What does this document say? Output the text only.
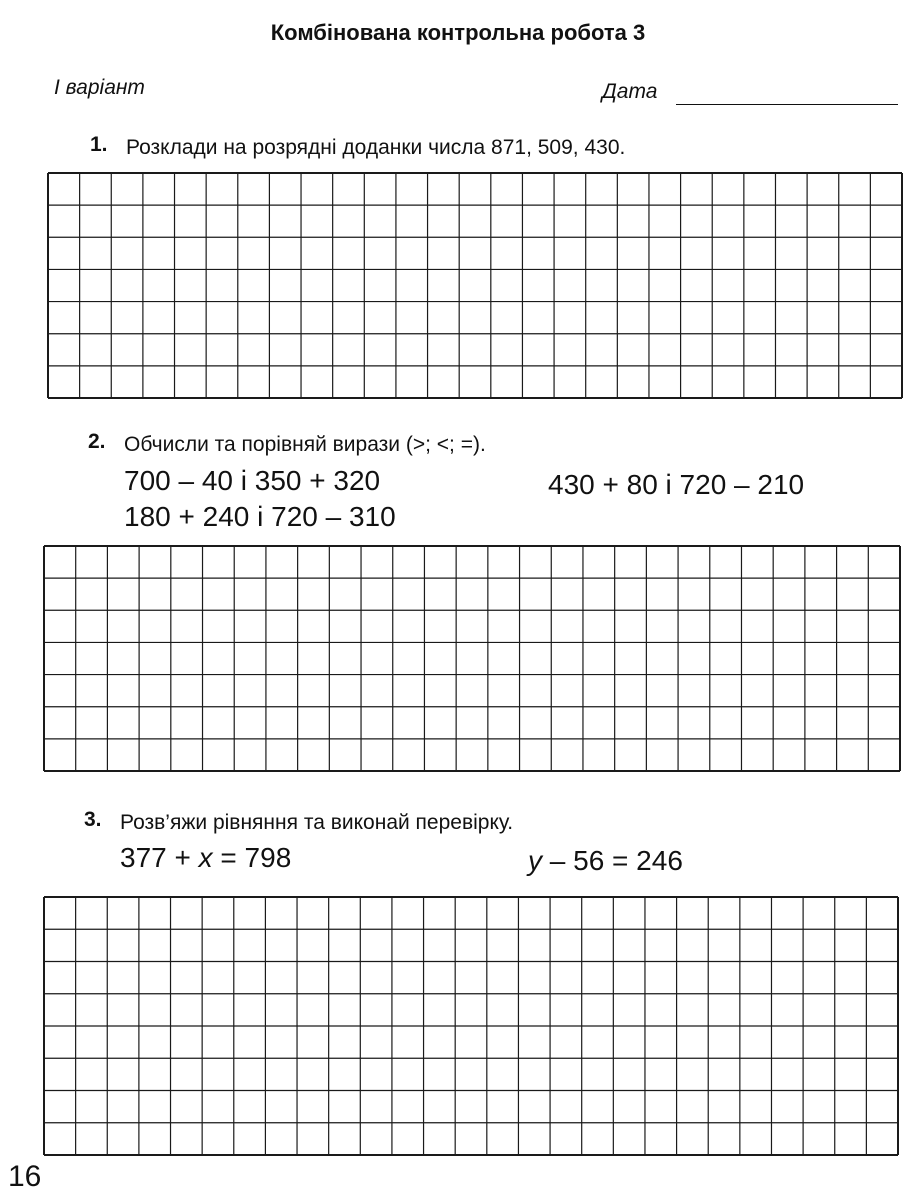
Комбінована контрольна робота 3
І варіант	Дата
1. Розклади на розрядні доданки числа 871, 509, 430.
2. Обчисли та порівняй вирази (>; <; =).
700 – 40 і 350 + 320	430 + 80 і 720 – 210
180 + 240 і 720 – 310
3. Розв’яжи рівняння та виконай перевірку.
377 + x = 798	y – 56 = 246
16
